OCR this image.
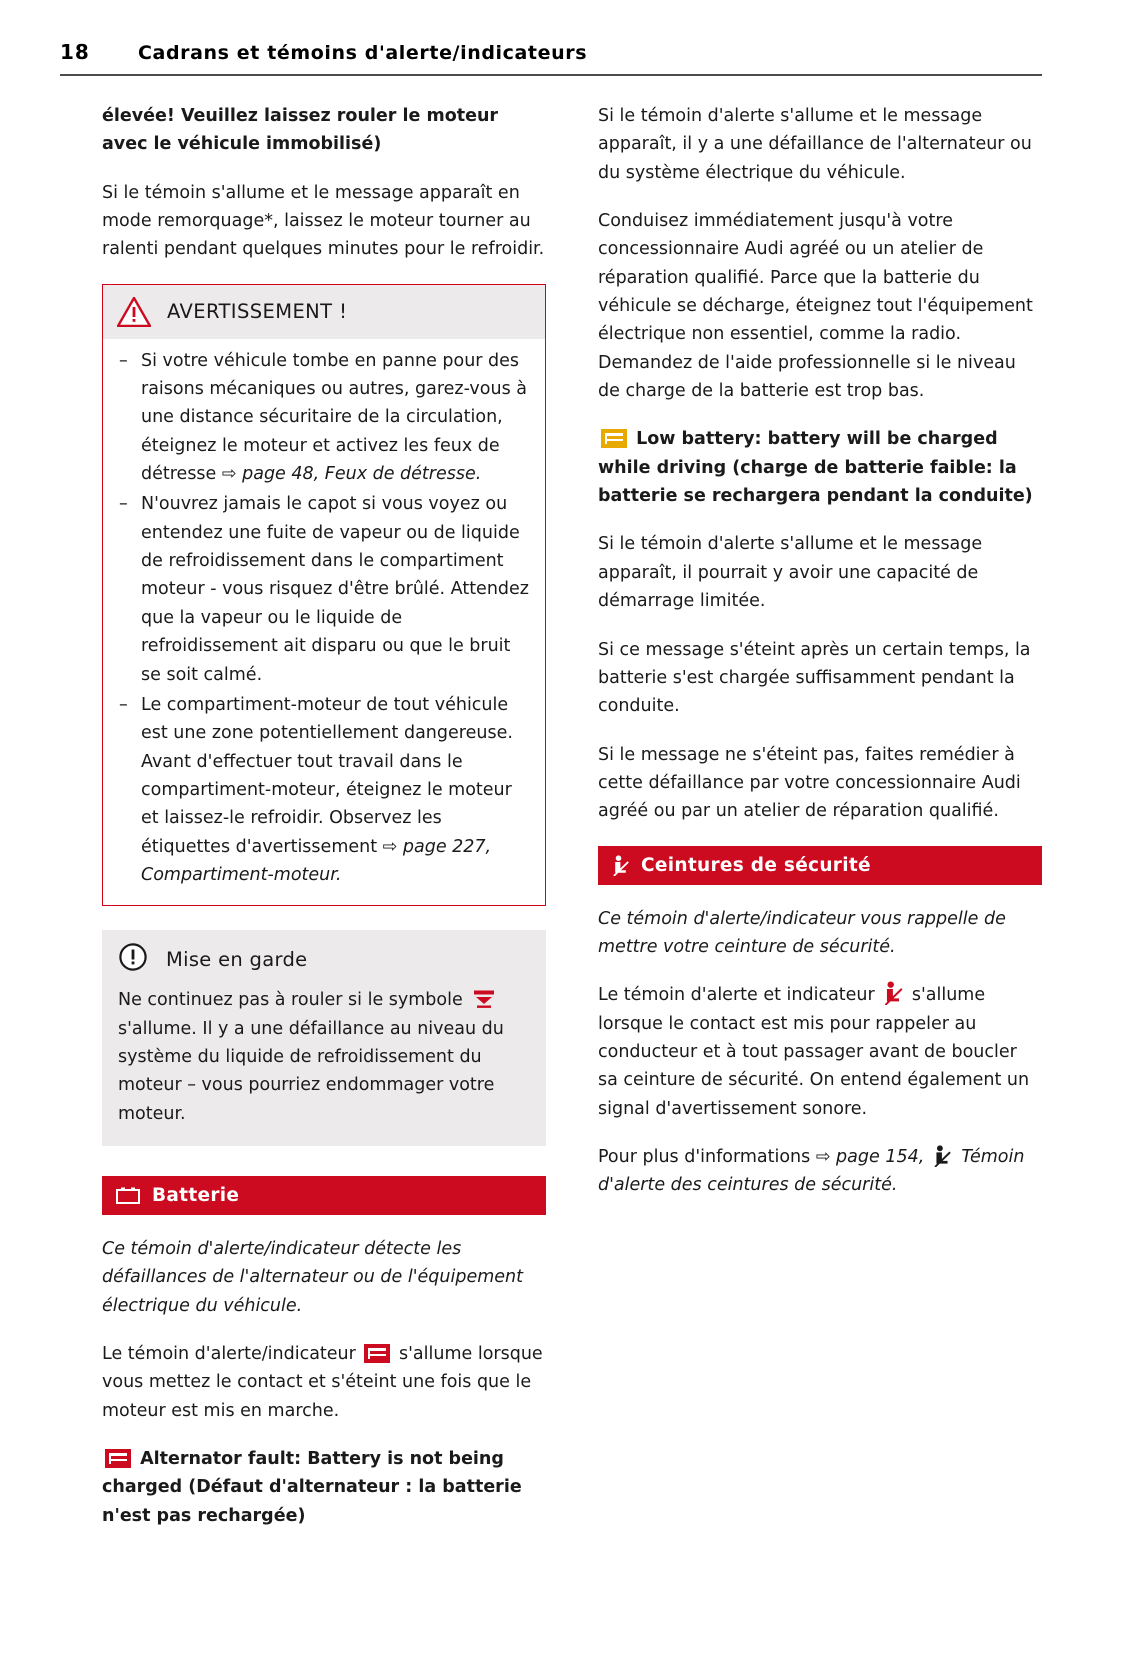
18	Cadrans et témoins d'alerte/indicateurs

élevée! Veuillez laissez rouler le moteur avec le véhicule immobilisé)

Si le témoin s'allume et le message apparaît en mode remorquage*, laissez le moteur tourner au ralenti pendant quelques minutes pour le refroidir.

AVERTISSEMENT !
– Si votre véhicule tombe en panne pour des raisons mécaniques ou autres, garez-vous à une distance sécuritaire de la circulation, éteignez le moteur et activez les feux de détresse ⇨ page 48, Feux de détresse.
– N'ouvrez jamais le capot si vous voyez ou entendez une fuite de vapeur ou de liquide de refroidissement dans le compartiment moteur - vous risquez d'être brûlé. Attendez que la vapeur ou le liquide de refroidissement ait disparu ou que le bruit se soit calmé.
– Le compartiment-moteur de tout véhicule est une zone potentiellement dangereuse. Avant d'effectuer tout travail dans le compartiment-moteur, éteignez le moteur et laissez-le refroidir. Observez les étiquettes d'avertissement ⇨ page 227, Compartiment-moteur.
Mise en garde

Ne continuez pas à rouler si le symbole  s'allume. Il y a une défaillance au niveau du système du liquide de refroidissement du moteur – vous pourriez endommager votre moteur.

Batterie

Ce témoin d'alerte/indicateur détecte les défaillances de l'alternateur ou de l'équipement électrique du véhicule.

Le témoin d'alerte/indicateur  s'allume lorsque vous mettez le contact et s'éteint une fois que le moteur est mis en marche.

Alternator fault: Battery is not being charged (Défaut d'alternateur : la batterie n'est pas rechargée)

Si le témoin d'alerte s'allume et le message apparaît, il y a une défaillance de l'alternateur ou du système électrique du véhicule.

Conduisez immédiatement jusqu'à votre concessionnaire Audi agréé ou un atelier de réparation qualifié. Parce que la batterie du véhicule se décharge, éteignez tout l'équipement électrique non essentiel, comme la radio. Demandez de l'aide professionnelle si le niveau de charge de la batterie est trop bas.

Low battery: battery will be charged while driving (charge de batterie faible: la batterie se rechargera pendant la conduite)

Si le témoin d'alerte s'allume et le message apparaît, il pourrait y avoir une capacité de démarrage limitée.

Si ce message s'éteint après un certain temps, la batterie s'est chargée suffisamment pendant la conduite.

Si le message ne s'éteint pas, faites remédier à cette défaillance par votre concessionnaire Audi agréé ou par un atelier de réparation qualifié.

Ceintures de sécurité

Ce témoin d'alerte/indicateur vous rappelle de mettre votre ceinture de sécurité.

Le témoin d'alerte et indicateur  s'allume lorsque le contact est mis pour rappeler au conducteur et à tout passager avant de boucler sa ceinture de sécurité. On entend également un signal d'avertissement sonore.

Pour plus d'informations ⇨ page 154,  Témoin d'alerte des ceintures de sécurité.
